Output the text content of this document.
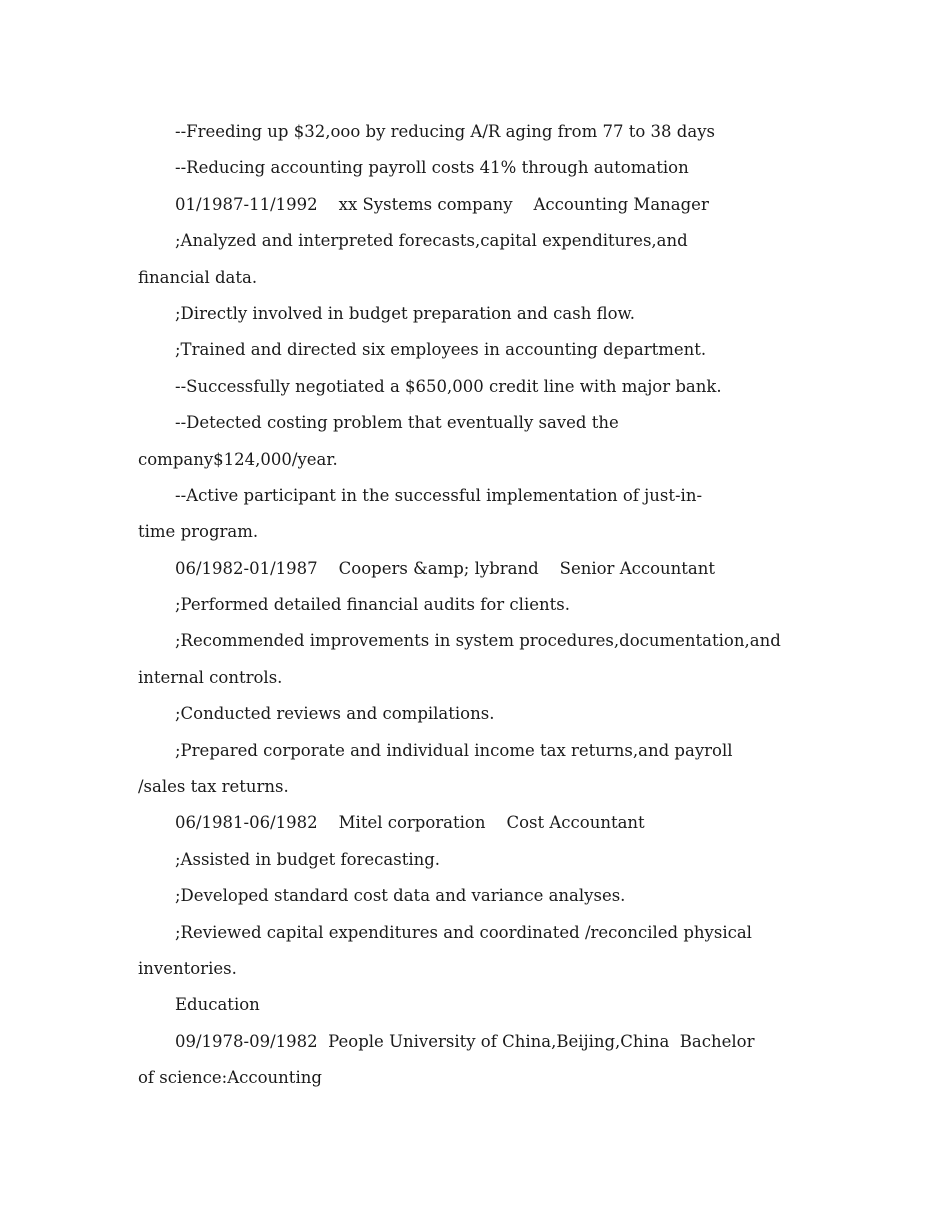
--Freeding up $32,ooo by reducing A/R aging from 77 to 38 days
--Reducing accounting payroll costs 41% through automation
01/1987-11/1992    xx Systems company    Accounting Manager
;Analyzed and interpreted forecasts,capital expenditures,and
financial data.
;Directly involved in budget preparation and cash flow.
;Trained and directed six employees in accounting department.
--Successfully negotiated a $650,000 credit line with major bank.
--Detected costing problem that eventually saved the
company$124,000/year.
--Active participant in the successful implementation of just-in-
time program.
06/1982-01/1987    Coopers &amp; lybrand    Senior Accountant
;Performed detailed financial audits for clients.
;Recommended improvements in system procedures,documentation,and
internal controls.
;Conducted reviews and compilations.
;Prepared corporate and individual income tax returns,and payroll
/sales tax returns.
06/1981-06/1982    Mitel corporation    Cost Accountant
;Assisted in budget forecasting.
;Developed standard cost data and variance analyses.
;Reviewed capital expenditures and coordinated /reconciled physical
inventories.
Education
09/1978-09/1982  People University of China,Beijing,China  Bachelor
of science:Accounting
